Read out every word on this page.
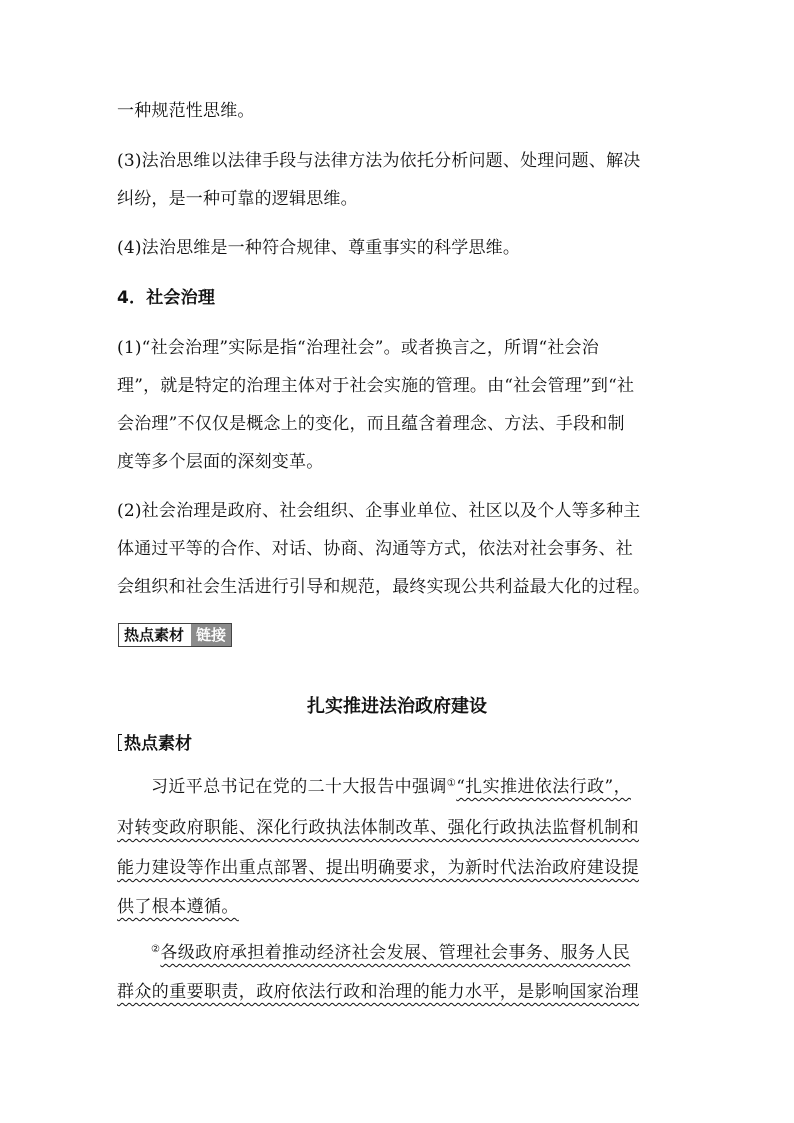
一种规范性思维。
(3)法治思维以法律手段与法律方法为依托分析问题、处理问题、解决
纠纷，是一种可靠的逻辑思维。
(4)法治思维是一种符合规律、尊重事实的科学思维。
4．社会治理
(1)“社会治理”实际是指“治理社会”。或者换言之，所谓“社会治
理”，就是特定的治理主体对于社会实施的管理。由“社会管理”到“社
会治理”不仅仅是概念上的变化，而且蕴含着理念、方法、手段和制
度等多个层面的深刻变革。
(2)社会治理是政府、社会组织、企事业单位、社区以及个人等多种主
体通过平等的合作、对话、协商、沟通等方式，依法对社会事务、社
会组织和社会生活进行引导和规范，最终实现公共利益最大化的过程。
热点素材 链接
扎实推进法治政府建设
热点素材
习近平总书记在党的二十大报告中强调①“扎实推进依法行政”，
对转变政府职能、深化行政执法体制改革、强化行政执法监督机制和
能力建设等作出重点部署、提出明确要求，为新时代法治政府建设提
供了根本遵循。
②各级政府承担着推动经济社会发展、管理社会事务、服务人民
群众的重要职责，政府依法行政和治理的能力水平，是影响国家治理
